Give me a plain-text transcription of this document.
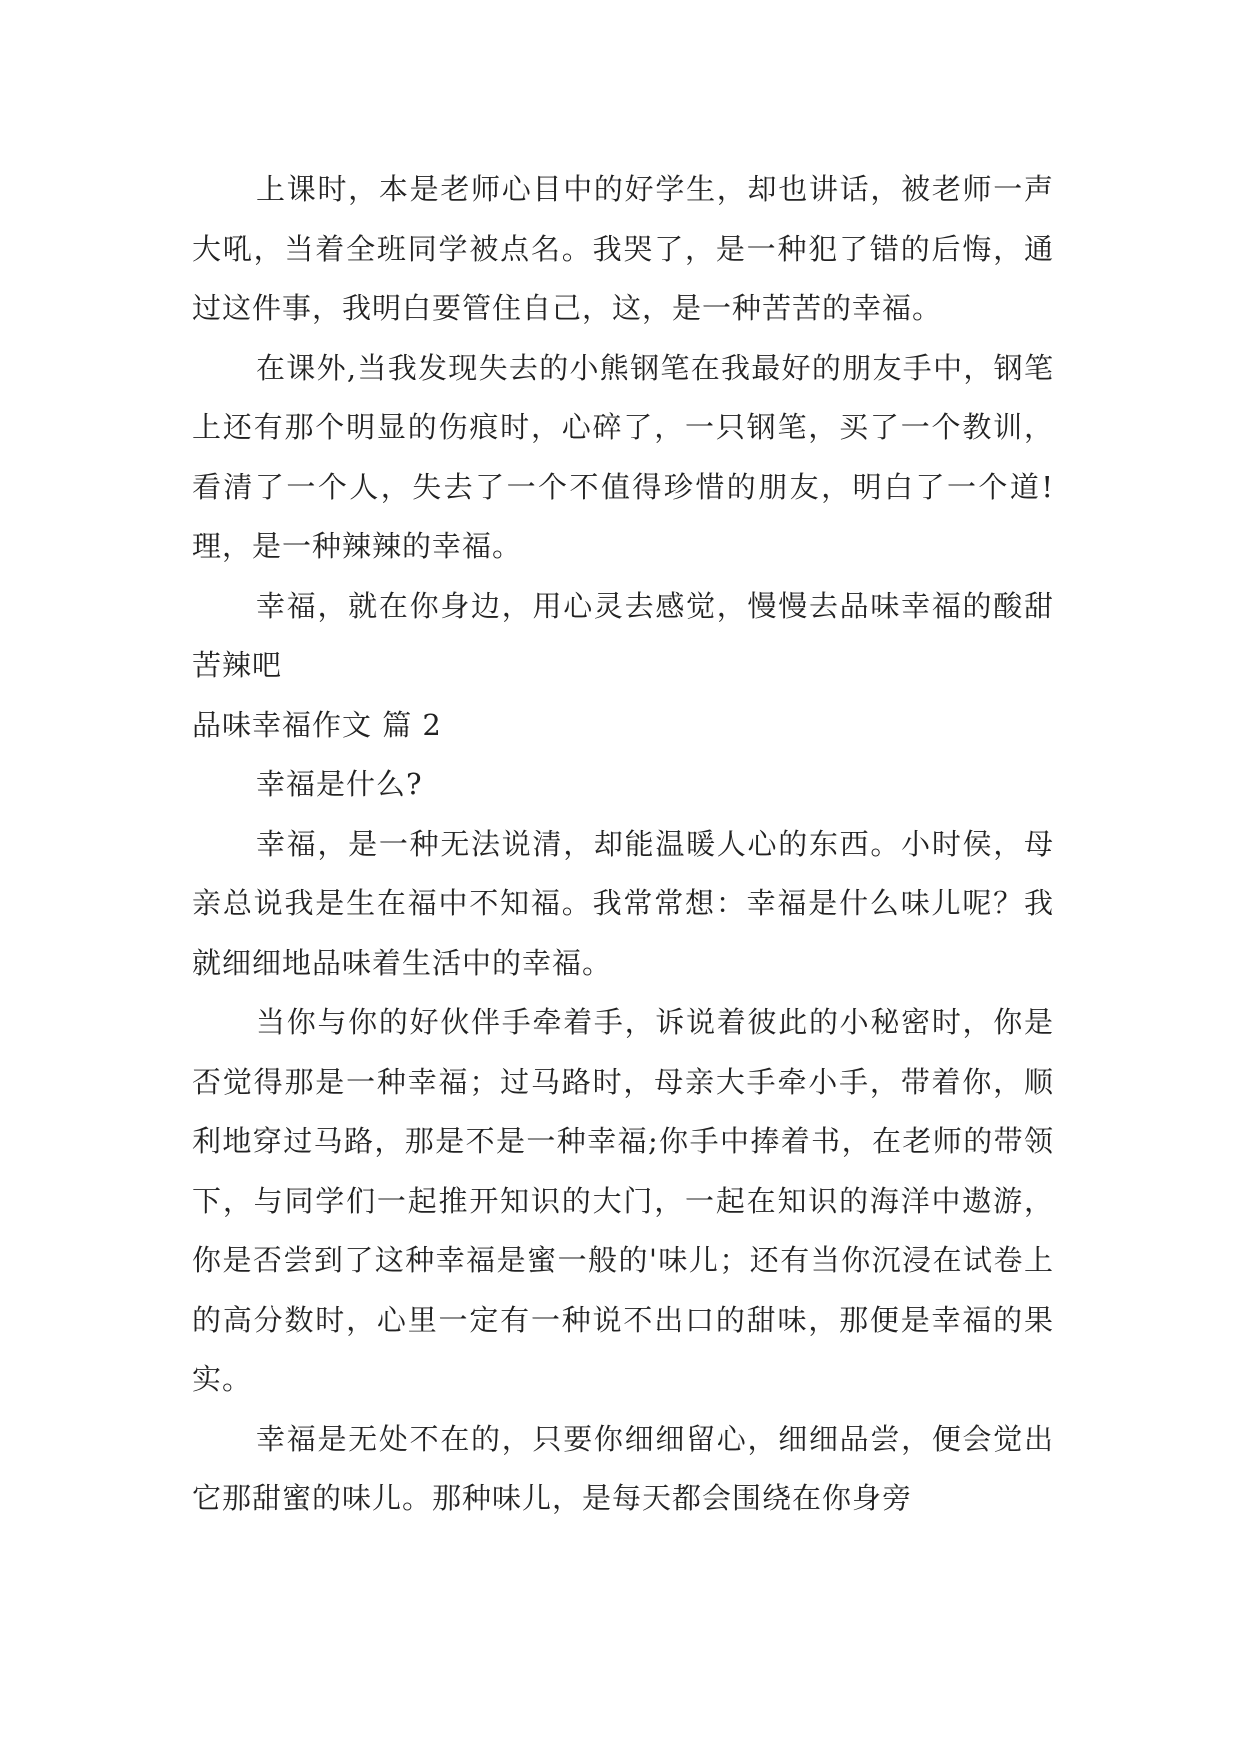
上课时，本是老师心目中的好学生，却也讲话，被老师一声大吼，当着全班同学被点名。我哭了，是一种犯了错的后悔，通过这件事，我明白要管住自己，这，是一种苦苦的幸福。

在课外,当我发现失去的小熊钢笔在我最好的朋友手中，钢笔上还有那个明显的伤痕时，心碎了，一只钢笔，买了一个教训，看清了一个人，失去了一个不值得珍惜的朋友，明白了一个道!理，是一种辣辣的幸福。

幸福，就在你身边，用心灵去感觉，慢慢去品味幸福的酸甜苦辣吧

品味幸福作文 篇 2

幸福是什么?

幸福，是一种无法说清，却能温暖人心的东西。小时侯，母亲总说我是生在福中不知福。我常常想：幸福是什么味儿呢？我就细细地品味着生活中的幸福。

当你与你的好伙伴手牵着手，诉说着彼此的小秘密时，你是否觉得那是一种幸福；过马路时，母亲大手牵小手，带着你，顺利地穿过马路，那是不是一种幸福;你手中捧着书，在老师的带领下，与同学们一起推开知识的大门，一起在知识的海洋中遨游，你是否尝到了这种幸福是蜜一般的'味儿；还有当你沉浸在试卷上的高分数时，心里一定有一种说不出口的甜味，那便是幸福的果实。

幸福是无处不在的，只要你细细留心，细细品尝，便会觉出它那甜蜜的味儿。那种味儿，是每天都会围绕在你身旁
